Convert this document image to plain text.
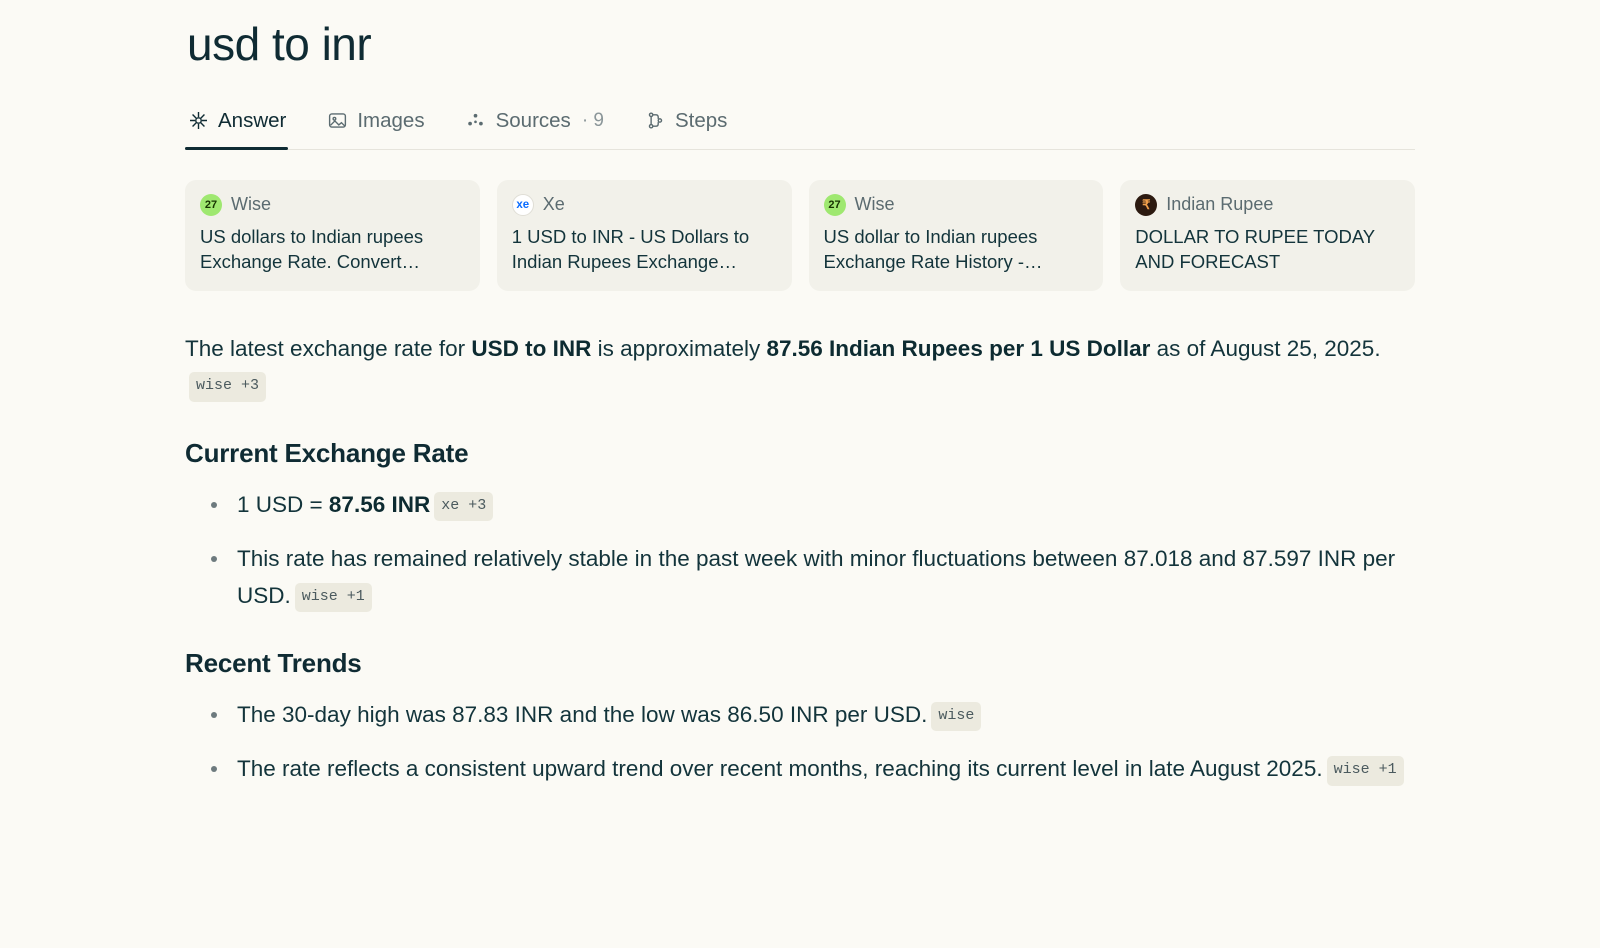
usd to inr
Answer	Images	Sources · 9	Steps
27 Wise
US dollars to Indian rupees Exchange Rate. Convert…
xe Xe
1 USD to INR - US Dollars to Indian Rupees Exchange…
27 Wise
US dollar to Indian rupees Exchange Rate History -…
₹ Indian Rupee
DOLLAR TO RUPEE TODAY AND FORECAST

The latest exchange rate for USD to INR is approximately 87.56 Indian Rupees per 1 US Dollar as of August 25, 2025.wise +3

Current Exchange Rate
1 USD = 87.56 INR xe +3
This rate has remained relatively stable in the past week with minor fluctuations between 87.018 and 87.597 INR per USD. wise +1
Recent Trends
The 30-day high was 87.83 INR and the low was 86.50 INR per USD. wise
The rate reflects a consistent upward trend over recent months, reaching its current level in late August 2025. wise +1
